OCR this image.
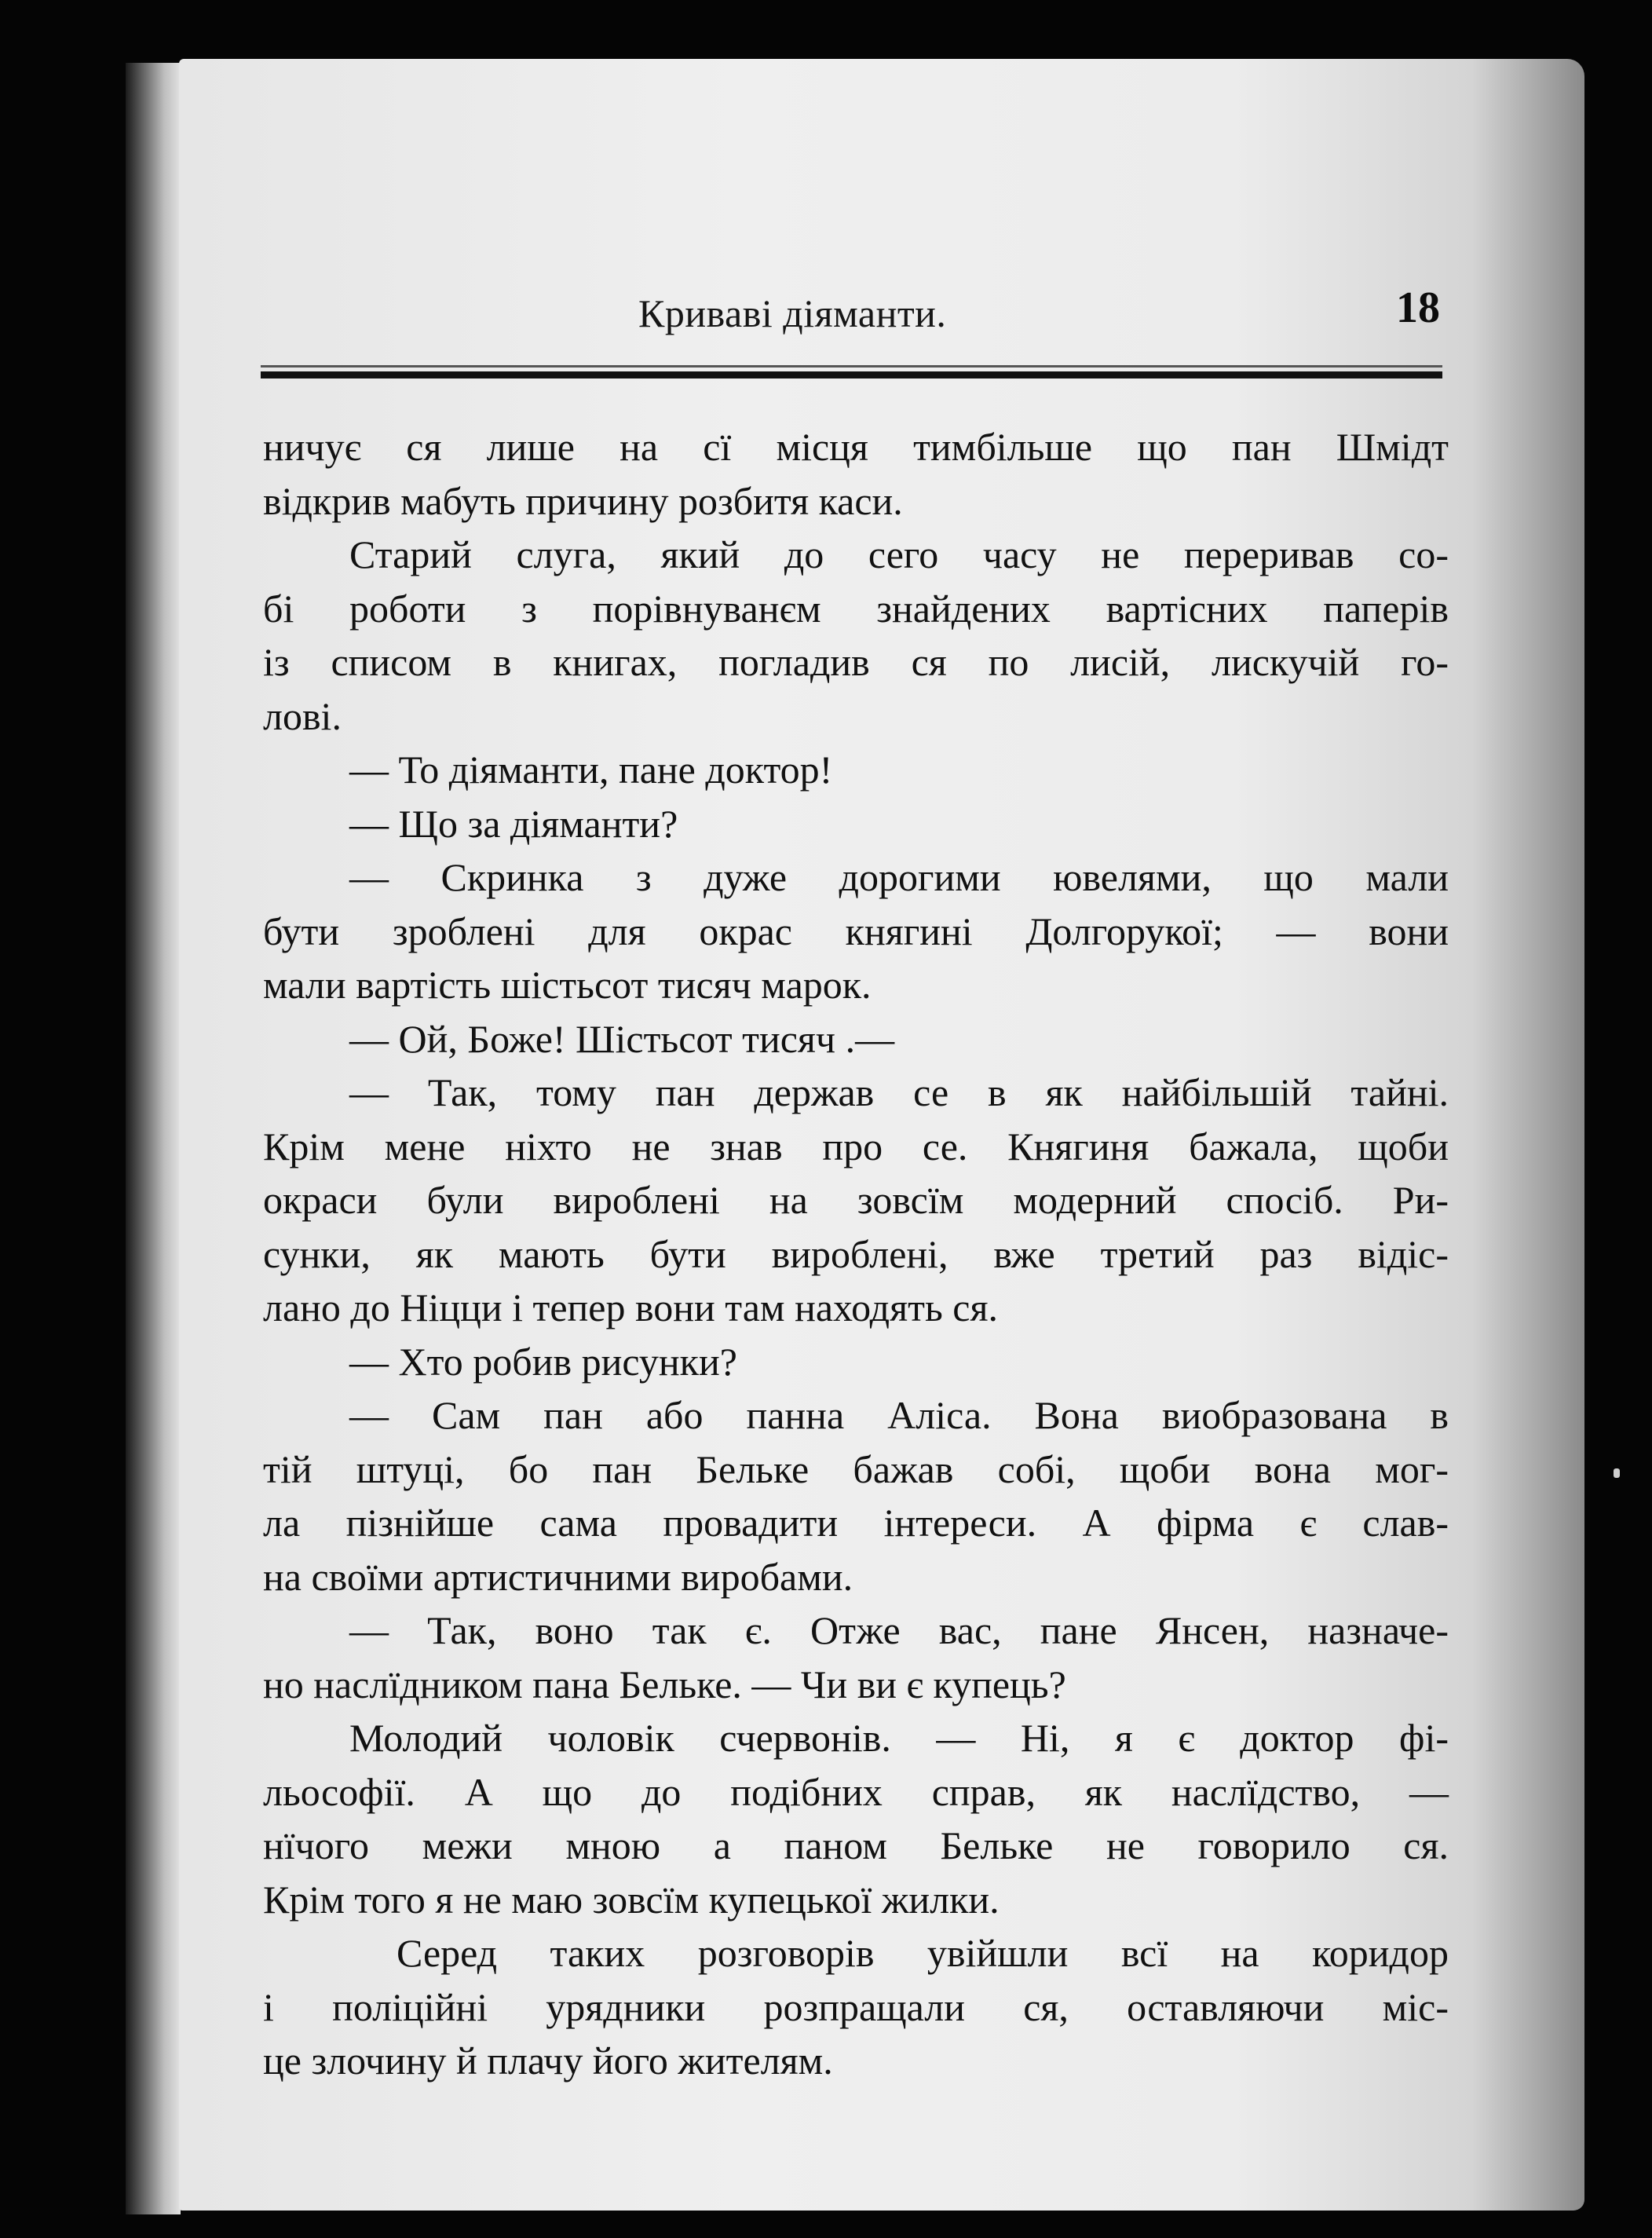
Криваві діяманти.	18
ничує ся лише на сї місця тимбільше що пан Шмідт
відкрив мабуть причину розбитя каси.
Старий слуга, який до сего часу не переривав со-
бі роботи з порівнуванєм знайдених вартісних паперів
із списом в книгах, погладив ся по лисій, лискучій го-
лові.
— То діяманти, пане доктор!
— Що за діяманти?
— Скринка з дуже дорогими ювелями, що мали
бути зроблені для окрас княгині Долгорукої; — вони
мали вартість шістьсот тисяч марок.
— Ой, Боже! Шістьсот тисяч .—
— Так, тому пан держав се в як найбільшій тайні.
Крім мене ніхто не знав про се. Княгиня бажала, щоби
окраси були вироблені на зовсїм модерний спосіб. Ри-
сунки, як мають бути вироблені, вже третий раз відіс-
лано до Ніцци і тепер вони там находять ся.
— Хто робив рисунки?
— Сам пан або панна Аліса. Вона виобразована в
тій штуці, бо пан Бельке бажав собі, щоби вона мог-
ла пізнійше сама провадити інтереси. А фірма є слав-
на своїми артистичними виробами.
— Так, воно так є. Отже вас, пане Янсен, назначе-
но наслїдником пана Бельке. — Чи ви є купець?
Молодий чоловік счервонів. — Ні, я є доктор фі-
льософії. А що до подібних справ, як наслїдство, —
нїчого межи мною а паном Бельке не говорило ся.
Крім того я не маю зовсїм купецької жилки.
Серед таких розговорів увійшли всї на коридор
і поліційні урядники розпращали ся, оставляючи міс-
це злочину й плачу його жителям.
